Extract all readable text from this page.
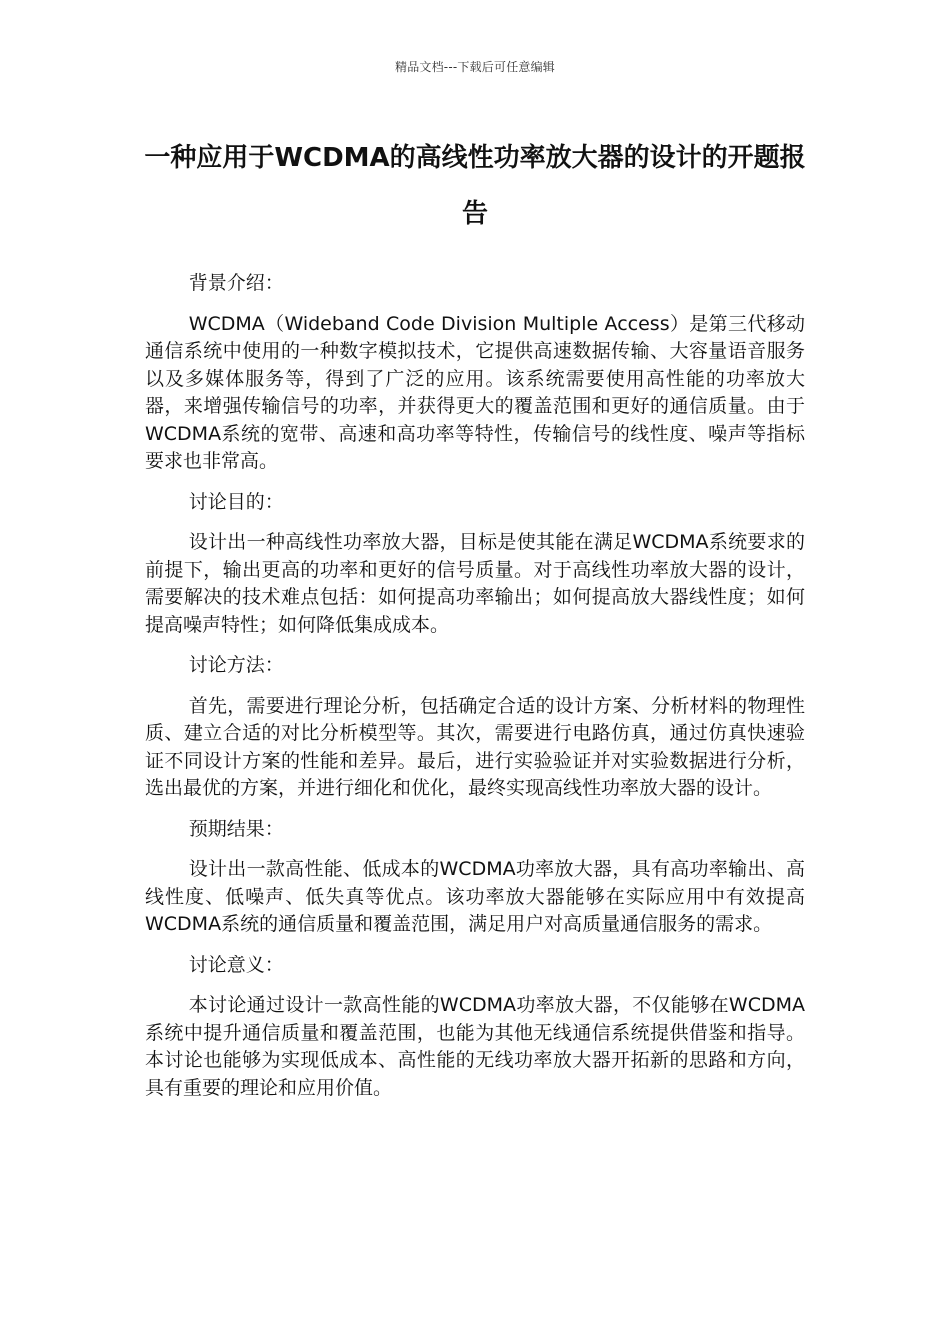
精品文档---下载后可任意编辑
一种应用于WCDMA的高线性功率放大器的设计的开题报告

背景介绍：

WCDMA（Wideband Code Division Multiple Access）是第三代移动通信系统中使用的一种数字模拟技术，它提供高速数据传输、大容量语音服务以及多媒体服务等，得到了广泛的应用。该系统需要使用高性能的功率放大器，来增强传输信号的功率，并获得更大的覆盖范围和更好的通信质量。由于WCDMA系统的宽带、高速和高功率等特性，传输信号的线性度、噪声等指标要求也非常高。

讨论目的：

设计出一种高线性功率放大器，目标是使其能在满足WCDMA系统要求的前提下，输出更高的功率和更好的信号质量。对于高线性功率放大器的设计，需要解决的技术难点包括：如何提高功率输出；如何提高放大器线性度；如何提高噪声特性；如何降低集成成本。

讨论方法：

首先，需要进行理论分析，包括确定合适的设计方案、分析材料的物理性质、建立合适的对比分析模型等。其次，需要进行电路仿真，通过仿真快速验证不同设计方案的性能和差异。最后，进行实验验证并对实验数据进行分析，选出最优的方案，并进行细化和优化，最终实现高线性功率放大器的设计。

预期结果：

设计出一款高性能、低成本的WCDMA功率放大器，具有高功率输出、高线性度、低噪声、低失真等优点。该功率放大器能够在实际应用中有效提高WCDMA系统的通信质量和覆盖范围，满足用户对高质量通信服务的需求。

讨论意义：

本讨论通过设计一款高性能的WCDMA功率放大器，不仅能够在WCDMA系统中提升通信质量和覆盖范围，也能为其他无线通信系统提供借鉴和指导。本讨论也能够为实现低成本、高性能的无线功率放大器开拓新的思路和方向，具有重要的理论和应用价值。
